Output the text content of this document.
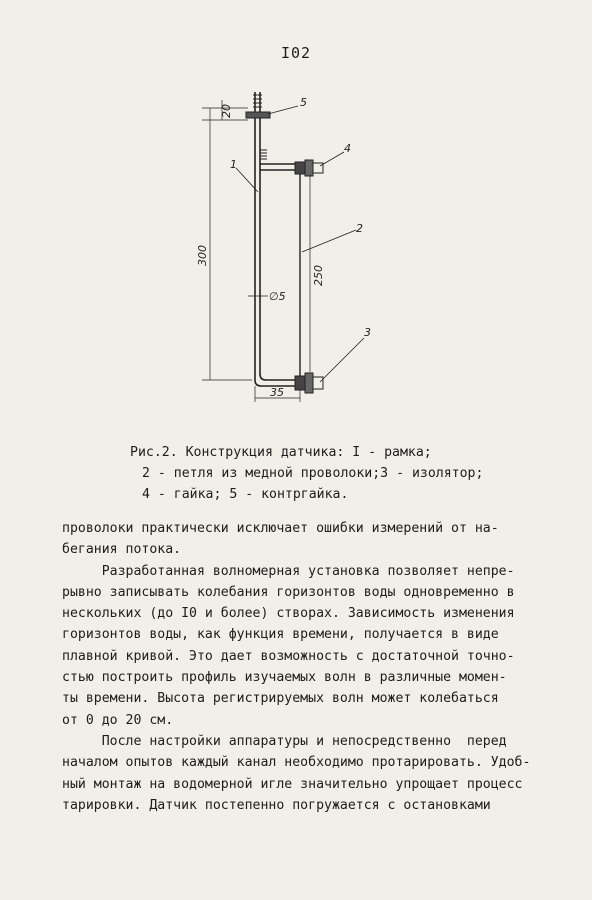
I02
1
2
3
4
5
20
300
250
∅5
35
Рис.2. Конструкция датчика: I - рамка;
2 - петля из медной проволоки;3 - изолятор;
4 - гайка; 5 - контргайка.
проволоки практически исключает ошибки измерений от на-
бегания потока.
Разработанная волномерная установка позволяет непре-
рывно записывать колебания горизонтов воды одновременно в
нескольких (до I0 и более) створах. Зависимость изменения
горизонтов воды, как функция времени, получается в виде
плавной кривой. Это дает возможность с достаточной точно-
стью построить профиль изучаемых волн в различные момен-
ты времени. Высота регистрируемых волн может колебаться
от 0 до 20 см.
После настройки аппаратуры и непосредственно  перед
началом опытов каждый канал необходимо протарировать. Удоб-
ный монтаж на водомерной игле значительно упрощает процесс
тарировки. Датчик постепенно погружается с остановками
